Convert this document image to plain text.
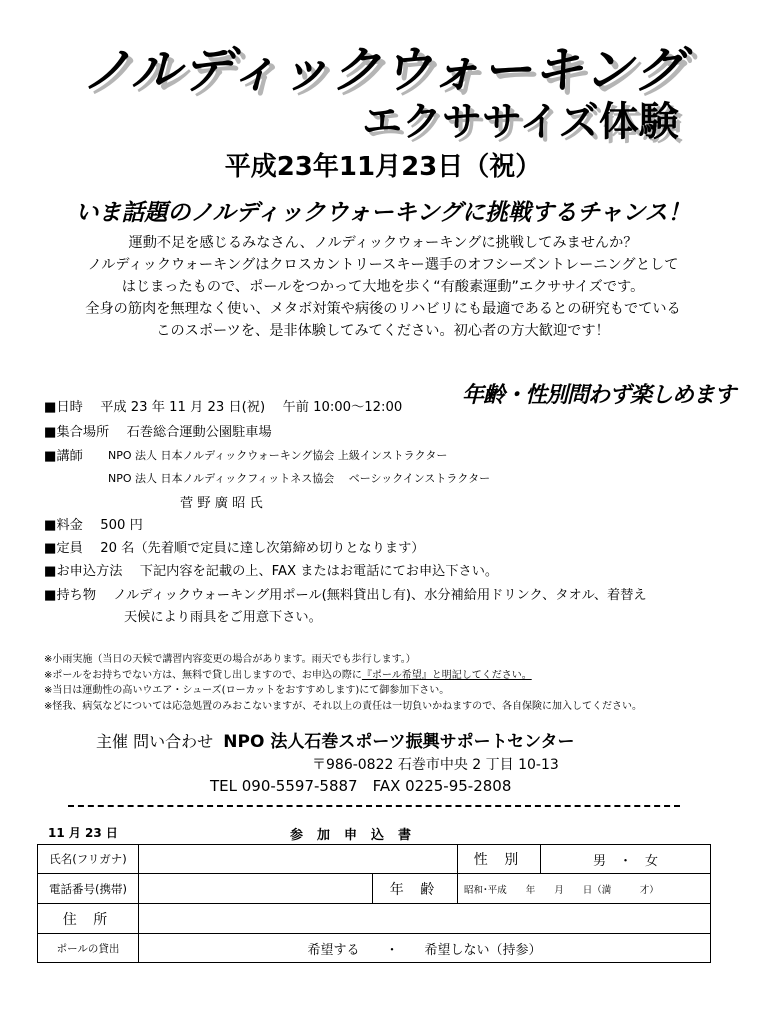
ノルディックウォーキング
エクササイズ体験
平成23年11月23日（祝）
いま話題のノルディックウォーキングに挑戦するチャンス！
運動不足を感じるみなさん、ノルディックウォーキングに挑戦してみませんか？
ノルディックウォーキングはクロスカントリースキー選手のオフシーズントレーニングとして
はじまったもので、ポールをつかって大地を歩く“有酸素運動”エクササイズです。
全身の筋肉を無理なく使い、メタボ対策や病後のリハビリにも最適であるとの研究もでている
このスポーツを、是非体験してみてください。初心者の方大歓迎です！
年齢・性別問わず楽しめます
■日時　 平成 23 年 11 月 23 日(祝)　 午前 10:00～12:00
■集合場所　 石巻総合運動公園駐車場
■講師 NPO 法人 日本ノルディックウォーキング協会 上級インストラクター
NPO 法人 日本ノルディックフィットネス協会　 ベーシックインストラクター
菅 野 廣 昭 氏
■料金　 500 円
■定員　 20 名（先着順で定員に達し次第締め切りとなります）
■お申込方法　 下記内容を記載の上、FAX またはお電話にてお申込下さい。
■持ち物　 ノルディックウォーキング用ポール(無料貸出し有)、水分補給用ドリンク、タオル、着替え
天候により雨具をご用意下さい。
※小雨実施（当日の天候で講習内容変更の場合があります。雨天でも歩行します。）
※ポールをお持ちでない方は、無料で貸し出しますので、お申込の際に『ポール希望』と明記してください。
※当日は運動性の高いウエア・シューズ(ローカットをおすすめします)にて御参加下さい。
※怪我、病気などについては応急処置のみおこないますが、それ以上の責任は一切負いかねますので、各自保険に加入してください。
主催 問い合わせ NPO 法人石巻スポーツ振興サポートセンター
〒986-0822 石巻市中央 2 丁目 10-13
TEL 090-5597-5887　FAX 0225-95-2808
11 月 23 日	参加申込書
氏名(フリガナ)			性 別	男　・　女
電話番号(携帯)		年 齢	昭和･平成　　年　　月　　日（満　　　才）	
住 所				
ポールの貸出	希望する　　・　　希望しない（持参）			
